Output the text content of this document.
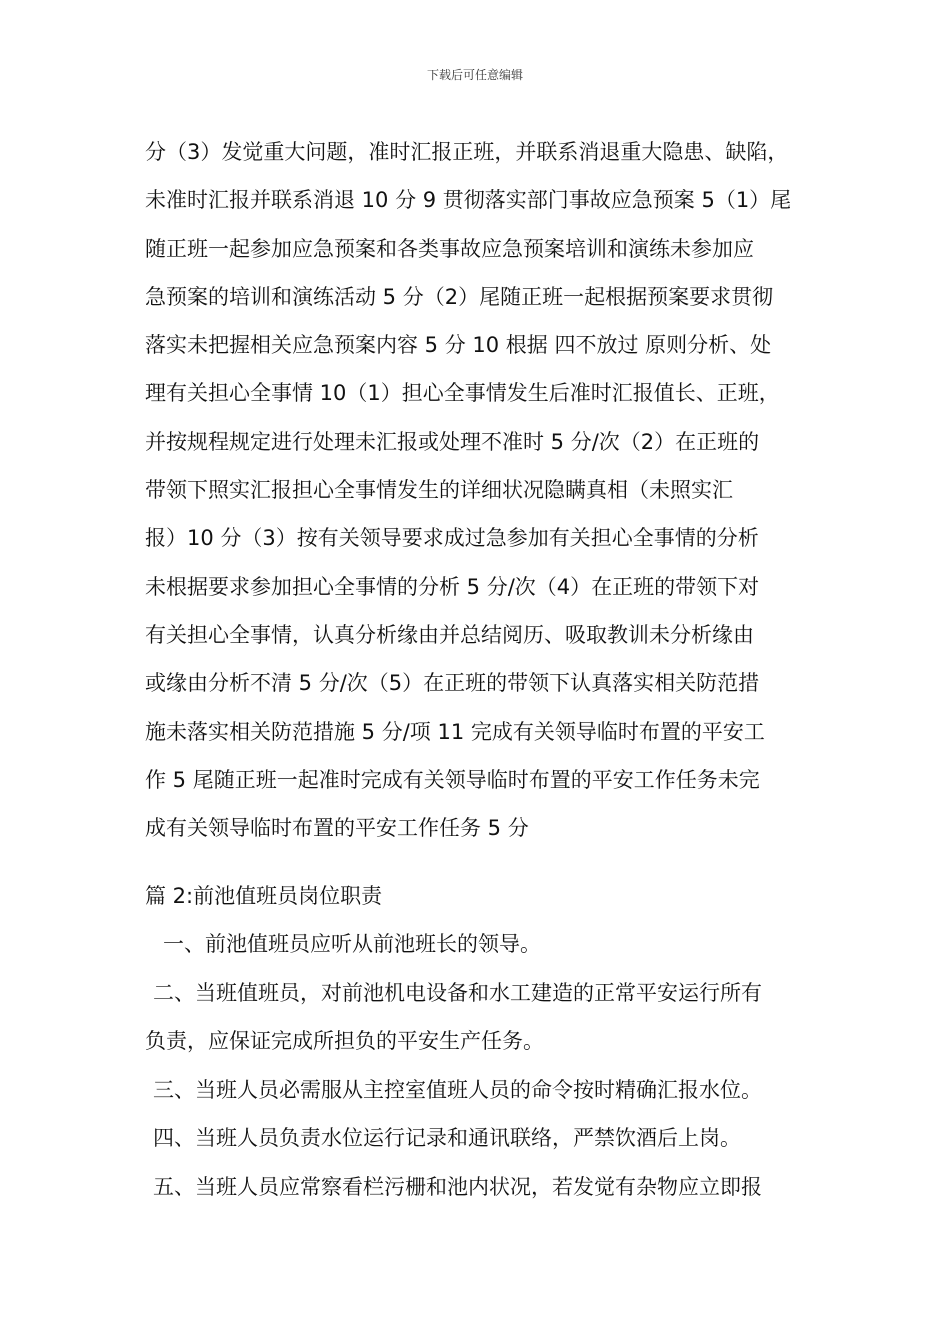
下载后可任意编辑
分（3）发觉重大问题，准时汇报正班，并联系消退重大隐患、缺陷，
未准时汇报并联系消退 10 分 9 贯彻落实部门事故应急预案 5（1）尾
随正班一起参加应急预案和各类事故应急预案培训和演练未参加应
急预案的培训和演练活动 5 分（2）尾随正班一起根据预案要求贯彻
落实未把握相关应急预案内容 5 分 10 根据 四不放过 原则分析、处
理有关担心全事情 10（1）担心全事情发生后准时汇报值长、正班，
并按规程规定进行处理未汇报或处理不准时 5 分/次（2）在正班的
带领下照实汇报担心全事情发生的详细状况隐瞒真相（未照实汇
报）10 分（3）按有关领导要求成过急参加有关担心全事情的分析
未根据要求参加担心全事情的分析 5 分/次（4）在正班的带领下对
有关担心全事情，认真分析缘由并总结阅历、吸取教训未分析缘由
或缘由分析不清 5 分/次（5）在正班的带领下认真落实相关防范措
施未落实相关防范措施 5 分/项 11 完成有关领导临时布置的平安工
作 5 尾随正班一起准时完成有关领导临时布置的平安工作任务未完
成有关领导临时布置的平安工作任务 5 分
篇 2:前池值班员岗位职责
一、前池值班员应听从前池班长的领导。
二、当班值班员，对前池机电设备和水工建造的正常平安运行所有
负责，应保证完成所担负的平安生产任务。
三、当班人员必需服从主控室值班人员的命令按时精确汇报水位。
四、当班人员负责水位运行记录和通讯联络，严禁饮酒后上岗。
五、当班人员应常察看栏污栅和池内状况，若发觉有杂物应立即报
